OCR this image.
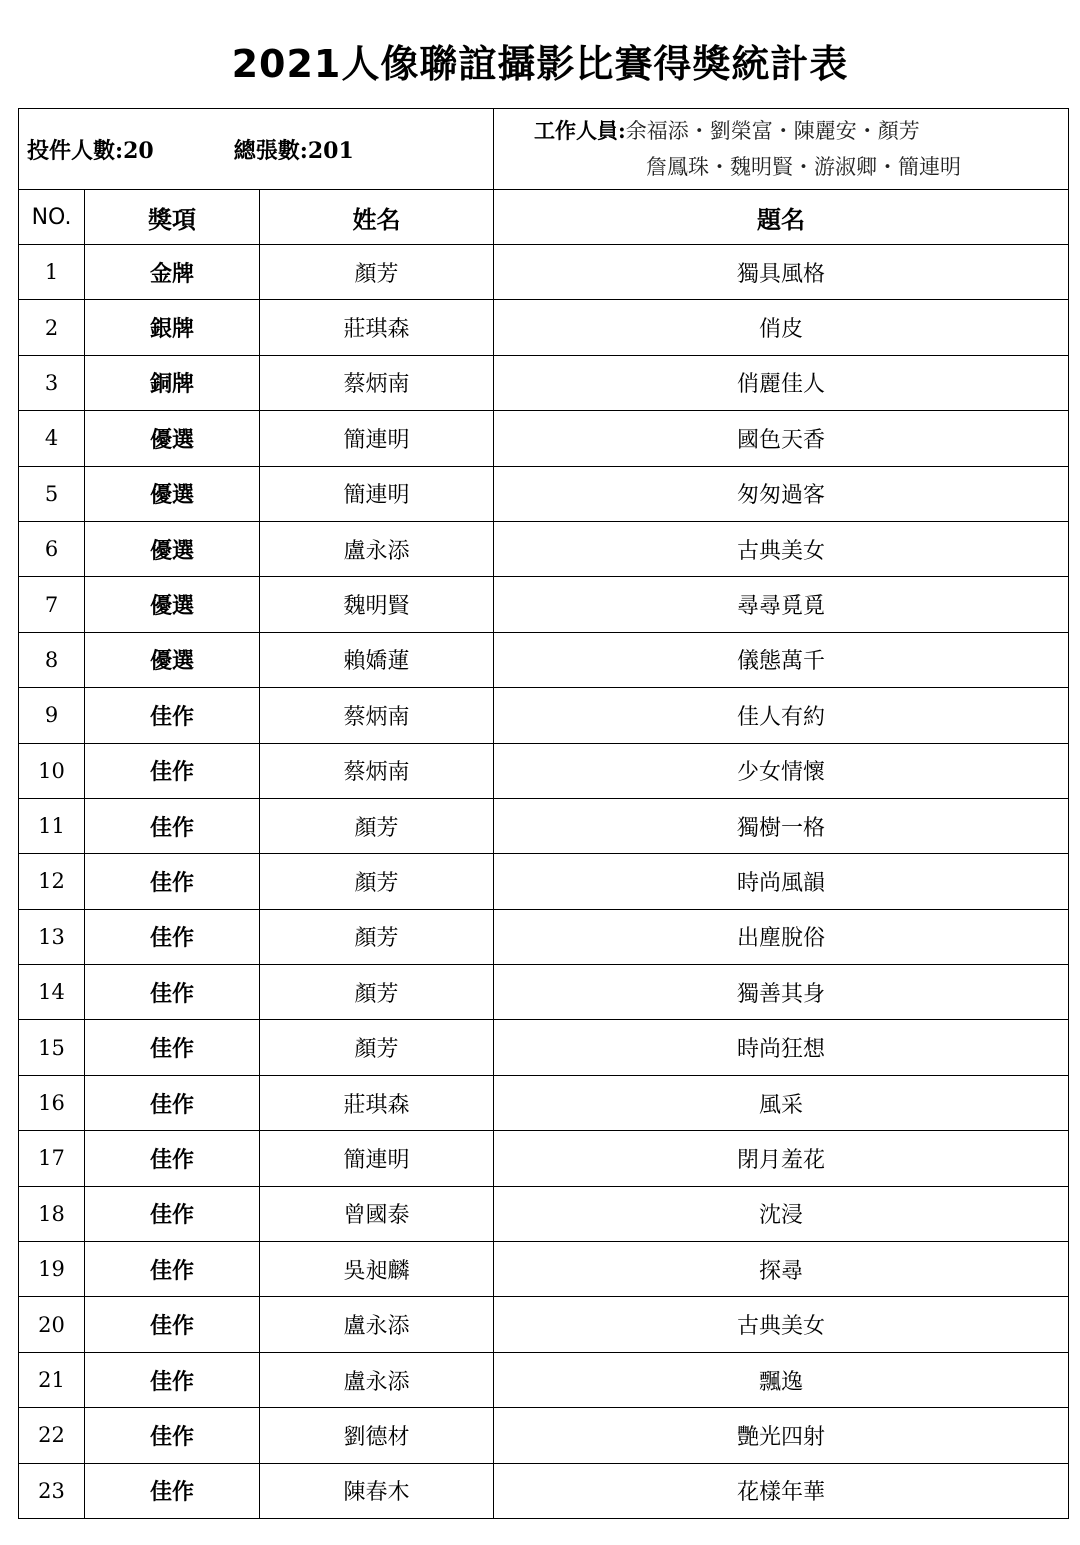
2021人像聯誼攝影比賽得獎統計表
投件人數:20 總張數:201			工作人員:余福添・劉榮富・陳麗安・顏芳
詹鳳珠・魏明賢・游淑卿・簡連明

NO.	獎項	姓名	題名
1	金牌	顏芳	獨具風格
2	銀牌	莊琪森	俏皮
3	銅牌	蔡炳南	俏麗佳人
4	優選	簡連明	國色天香
5	優選	簡連明	匆匆過客
6	優選	盧永添	古典美女
7	優選	魏明賢	尋尋覓覓
8	優選	賴嬌蓮	儀態萬千
9	佳作	蔡炳南	佳人有約
10	佳作	蔡炳南	少女情懷
11	佳作	顏芳	獨樹一格
12	佳作	顏芳	時尚風韻
13	佳作	顏芳	出塵脫俗
14	佳作	顏芳	獨善其身
15	佳作	顏芳	時尚狂想
16	佳作	莊琪森	風采
17	佳作	簡連明	閉月羞花
18	佳作	曾國泰	沈浸
19	佳作	吳昶麟	探尋
20	佳作	盧永添	古典美女
21	佳作	盧永添	飄逸
22	佳作	劉德材	艷光四射
23	佳作	陳春木	花樣年華
